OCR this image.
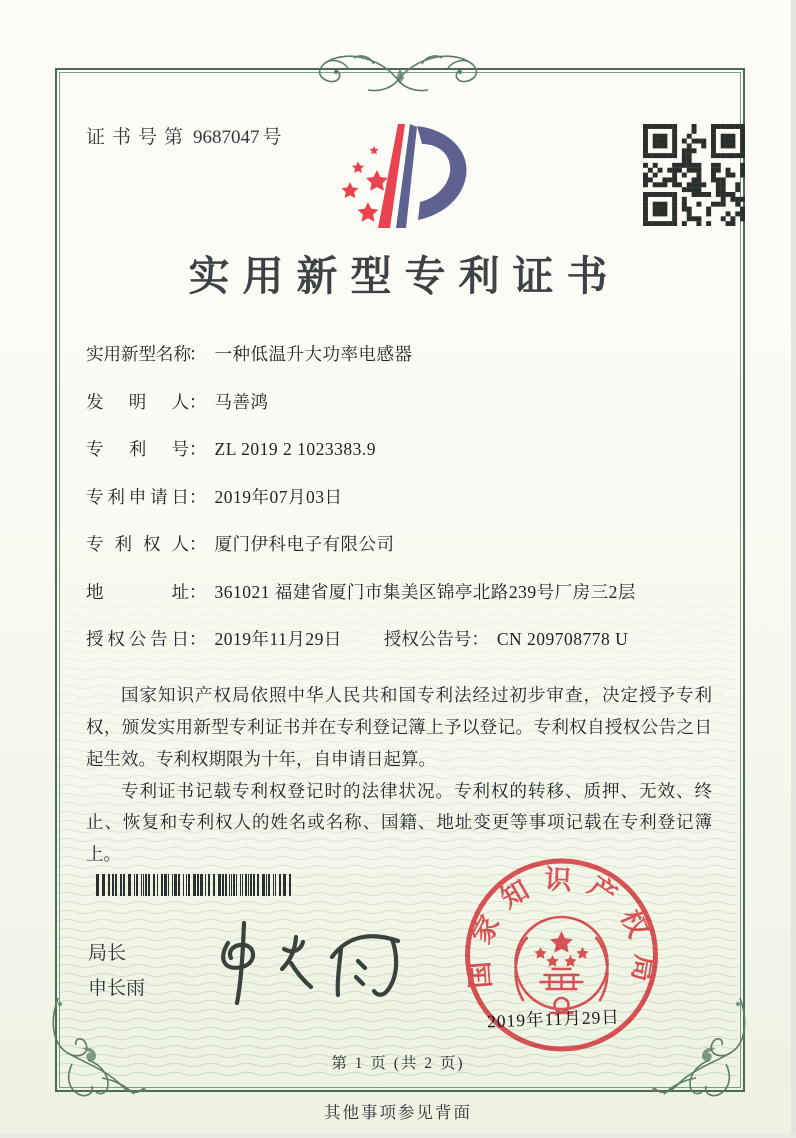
证书号第 9687047 号
实用新型专利证书
实用新型名称： 一种低温升大功率电感器
发明人： 马善鸿
专利号： ZL 2019 2 1023383.9
专利申请日： 2019年07月03日
专利权人： 厦门伊科电子有限公司
地址： 361021 福建省厦门市集美区锦亭北路239号厂房三2层
授权公告日： 2019年11月29日 授权公告号： CN 209708778 U

国家知识产权局依照中华人民共和国专利法经过初步审查，决定授予专利权，颁发实用新型专利证书并在专利登记簿上予以登记。专利权自授权公告之日起生效。专利权期限为十年，自申请日起算。

专利证书记载专利权登记时的法律状况。专利权的转移、质押、无效、终止、恢复和专利权人的姓名或名称、国籍、地址变更等事项记载在专利登记簿上。

局长
申长雨
2019年11月29日
国家知识产权局
第 1 页 (共 2 页)
其他事项参见背面
